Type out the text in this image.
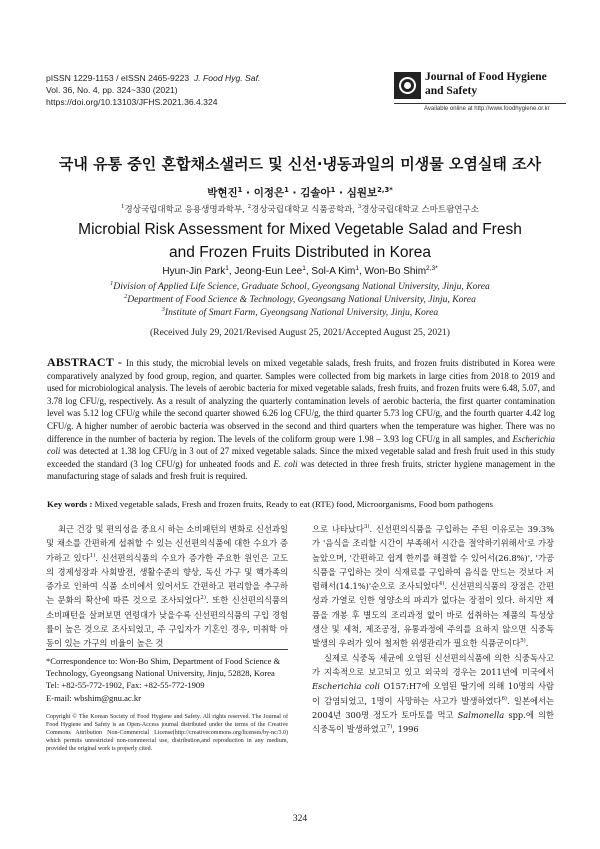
pISSN 1229-1153 / eISSN 2465-9223 J. Food Hyg. Saf.
Vol. 36, No. 4, pp. 324~330 (2021)
https://doi.org/10.13103/JFHS.2021.36.4.324
Journal of Food Hygiene
and Safety
Available online at http://www.foodhygiene.or.kr
국내 유통 중인 혼합채소샐러드 및 신선·냉동과일의 미생물 오염실태 조사
박현진$^1$ · 이정은$^1$ · 김솔아$^1$ · 심원보$^{2,3*}$
$^1$경상국립대학교 응용생명과학부, $^2$경상국립대학교 식품공학과, $^3$경상국립대학교 스마트팜연구소
Microbial Risk Assessment for Mixed Vegetable Salad and Fresh
and Frozen Fruits Distributed in Korea
Hyun-Jin Park$^1$, Jeong-Eun Lee$^1$, Sol-A Kim$^1$, Won-Bo Shim$^{2,3*}$
$^1$Division of Applied Life Science, Graduate School, Gyeongsang National University, Jinju, Korea
$^2$Department of Food Science & Technology, Gyeongsang National University, Jinju, Korea
$^3$Institute of Smart Farm, Gyeongsang National University, Jinju, Korea
(Received July 29, 2021/Revised August 25, 2021/Accepted August 25, 2021)
ABSTRACT - In this study, the microbial levels on mixed vegetable salads, fresh fruits, and frozen fruits distributed in Korea were comparatively analyzed by food group, region, and quarter. Samples were collected from big markets in large cities from 2018 to 2019 and used for microbiological analysis. The levels of aerobic bacteria for mixed vegetable salads, fresh fruits, and frozen fruits were 6.48, 5.07, and 3.78 log CFU/g, respectively. As a result of analyzing the quarterly contamination levels of aerobic bacteria, the first quarter contamination level was 5.12 log CFU/g while the second quarter showed 6.26 log CFU/g, the third quarter 5.73 log CFU/g, and the fourth quarter 4.42 log CFU/g. A higher number of aerobic bacteria was observed in the second and third quarters when the temperature was higher. There was no difference in the number of bacteria by region. The levels of the coliform group were 1.98 – 3.93 log CFU/g in all samples, and Escherichia coli was detected at 1.38 log CFU/g in 3 out of 27 mixed vegetable salads. Since the mixed vegetable salad and fresh fruit used in this study exceeded the standard (3 log CFU/g) for unheated foods and E. coli was detected in three fresh fruits, stricter hygiene management in the manufacturing stage of salads and fresh fruit is required.
Key words : Mixed vegetable salads, Fresh and frozen fruits, Ready to eat (RTE) food, Microorganisms, Food born pathogens

최근 건강 및 편의성을 중요시 하는 소비패턴의 변화로 신선과일 및 채소를 간편하게 섭취할 수 있는 신선편의식품에 대한 수요가 증가하고 있다$^{1)}$. 신선편의식품의 수요가 증가한 주요한 원인은 고도의 경제성장과 사회발전, 생활수준의 향상, 독신 가구 및 핵가족의 증가로 인하여 식품 소비에서 있어서도 간편하고 편리함을 추구하는 문화의 확산에 따른 것으로 조사되었다$^{2)}$. 또한 신선편의식품의 소비패턴을 살펴보면 연령대가 낮을수록 신선편의식품의 구입 경험률이 높은 것으로 조사되었고, 주 구입자가 기혼인 경우, 미취학 아동이 있는 가구의 비율이 높은 것

*Correspondence to: Won-Bo Shim, Department of Food Science & Technology, Gyeongsang National University, Jinju, 52828, Korea
Tel: +82-55-772-1902, Fax: +82-55-772-1909
E-mail: wbshim@gnu.ac.kr
Copyright © The Korean Society of Food Hygiene and Safety. All rights reserved. The Journal of Food Hygiene and Safety is an Open-Access journal distributed under the terms of the Creative Commons Attribution Non-Commercial License(http://creativecommons.org/licenses/by-nc/3.0) which permits unrestricted non-commercial use, distribution,and reproduction in any medium, provided the original work is properly cited.

으로 나타났다$^{3)}$. 신선편의식품을 구입하는 주된 이유로는 39.3%가 '음식을 조리할 시간이 부족해서 시간을 절약하기위해서'로 가장 높았으며, '간편하고 쉽게 한끼를 해결할 수 있어서(26.8%)', '가공식품을 구입하는 것이 식재료를 구입하여 음식을 만드는 것보다 저렴해서(14.1%)'순으로 조사되었다$^{4)}$. 신선편의식품의 장점은 간편성과 가열로 인한 영양소의 파괴가 없다는 장점이 있다. 하지만 제품을 개봉 후 별도의 조리과정 없이 바로 섭취하는 제품의 특성상 생산 및 세척, 제조공정, 유통과정에 주의를 요하지 않으면 식중독 발생의 우려가 있어 철저한 위생관리가 필요한 식품군이다$^{5)}$.

실제로 식중독 세균에 오염된 신선편의식품에 의한 식중독사고가 지속적으로 보고되고 있고 외국의 경우는 2011년에 미국에서 Escherichia coli O157:H7에 오염된 딸기에 의해 10명의 사람이 감염되었고, 1명이 사망하는 사고가 발생하였다$^{6)}$. 일본에서는 2004년 300명 정도가 토마토를 먹고 Salmonella spp.에 의한 식중독이 발생하였고$^{7)}$, 1996

324
